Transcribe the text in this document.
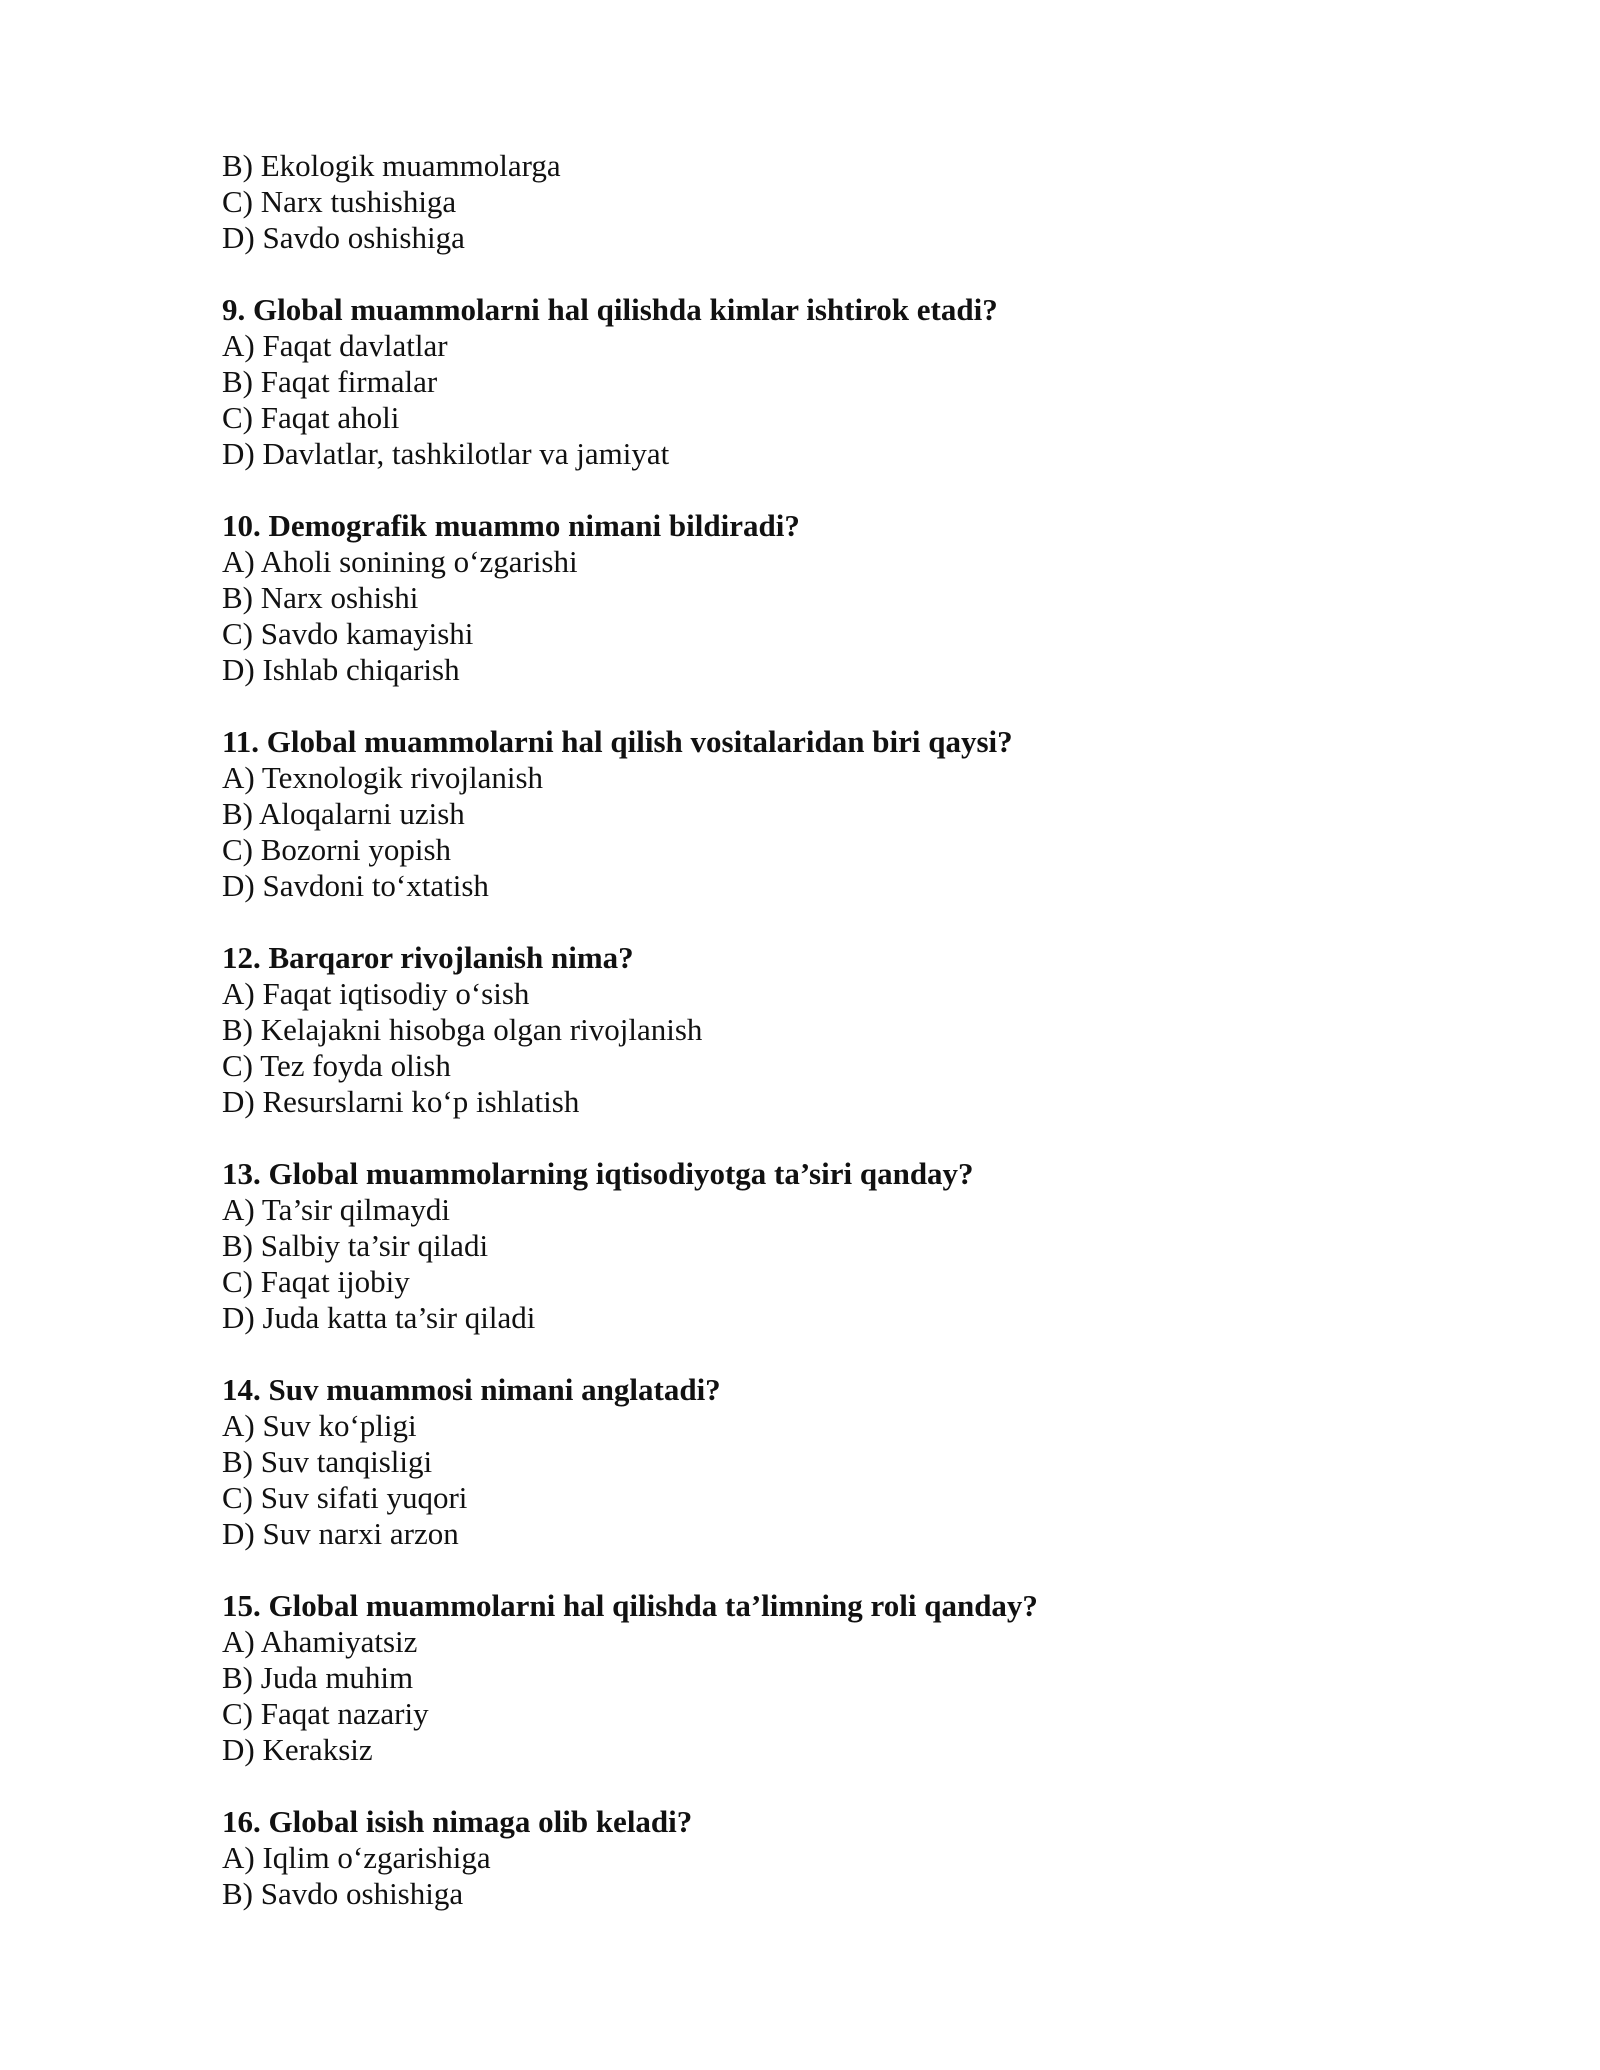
B) Ekologik muammolarga
C) Narx tushishiga
D) Savdo oshishiga
9. Global muammolarni hal qilishda kimlar ishtirok etadi?
A) Faqat davlatlar
B) Faqat firmalar
C) Faqat aholi
D) Davlatlar, tashkilotlar va jamiyat
10. Demografik muammo nimani bildiradi?
A) Aholi sonining o‘zgarishi
B) Narx oshishi
C) Savdo kamayishi
D) Ishlab chiqarish
11. Global muammolarni hal qilish vositalaridan biri qaysi?
A) Texnologik rivojlanish
B) Aloqalarni uzish
C) Bozorni yopish
D) Savdoni to‘xtatish
12. Barqaror rivojlanish nima?
A) Faqat iqtisodiy o‘sish
B) Kelajakni hisobga olgan rivojlanish
C) Tez foyda olish
D) Resurslarni ko‘p ishlatish
13. Global muammolarning iqtisodiyotga ta’siri qanday?
A) Ta’sir qilmaydi
B) Salbiy ta’sir qiladi
C) Faqat ijobiy
D) Juda katta ta’sir qiladi
14. Suv muammosi nimani anglatadi?
A) Suv ko‘pligi
B) Suv tanqisligi
C) Suv sifati yuqori
D) Suv narxi arzon
15. Global muammolarni hal qilishda ta’limning roli qanday?
A) Ahamiyatsiz
B) Juda muhim
C) Faqat nazariy
D) Keraksiz
16. Global isish nimaga olib keladi?
A) Iqlim o‘zgarishiga
B) Savdo oshishiga
